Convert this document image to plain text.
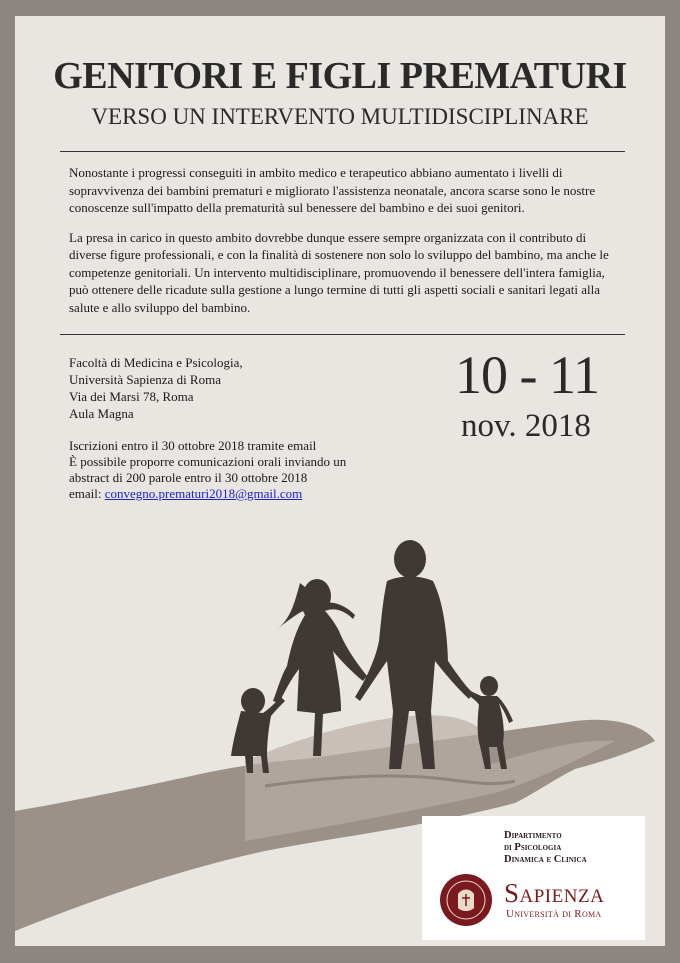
GENITORI E FIGLI PREMATURI
VERSO UN INTERVENTO MULTIDISCIPLINARE

Nonostante i progressi conseguiti in ambito medico e terapeutico abbiano aumentato i livelli di sopravvivenza dei bambini prematuri e migliorato l'assistenza neonatale, ancora scarse sono le nostre conoscenze sull'impatto della prematurità sul benessere del bambino e dei suoi genitori.

La presa in carico in questo ambito dovrebbe dunque essere sempre organizzata con il contributo di diverse figure professionali, e con la finalità di sostenere non solo lo sviluppo del bambino, ma anche le competenze genitoriali. Un intervento multidisciplinare, promuovendo il benessere dell'intera famiglia, può ottenere delle ricadute sulla gestione a lungo termine di tutti gli aspetti sociali e sanitari legati alla salute e allo sviluppo del bambino.

Facoltà di Medicina e Psicologia,
Università Sapienza di Roma
Via dei Marsi 78, Roma
Aula Magna
Iscrizioni entro il 30 ottobre 2018 tramite email
È possibile proporre comunicazioni orali inviando un
abstract di 200 parole entro il 30 ottobre 2018
email: convegno.prematuri2018@gmail.com
10 - 11
nov. 2018
Dipartimento
di Psicologia
Dinamica e Clinica
Sapienza
Università di Roma
